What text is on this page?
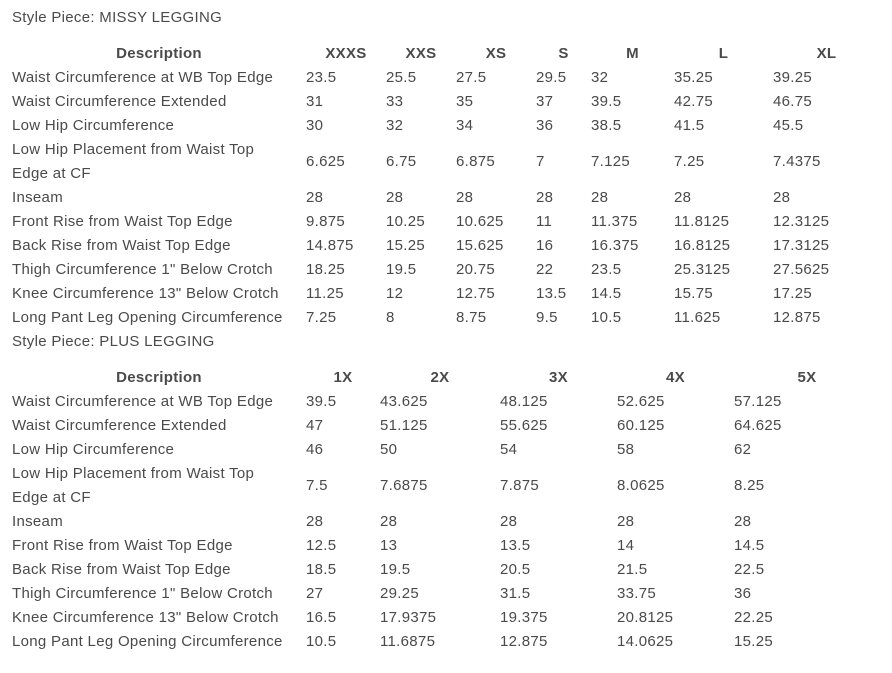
Style Piece: MISSY LEGGING
Description	XXXS	XXS	XS	S	M	L	XL
Waist Circumference at WB Top Edge	23.5	25.5	27.5	29.5	32	35.25	39.25
Waist Circumference Extended	31	33	35	37	39.5	42.75	46.75
Low Hip Circumference	30	32	34	36	38.5	41.5	45.5
Low Hip Placement from Waist Top
Edge at CF	6.625	6.75	6.875	7	7.125	7.25	7.4375
Inseam	28	28	28	28	28	28	28
Front Rise from Waist Top Edge	9.875	10.25	10.625	11	11.375	11.8125	12.3125
Back Rise from Waist Top Edge	14.875	15.25	15.625	16	16.375	16.8125	17.3125
Thigh Circumference 1" Below Crotch	18.25	19.5	20.75	22	23.5	25.3125	27.5625
Knee Circumference 13" Below Crotch	11.25	12	12.75	13.5	14.5	15.75	17.25
Long Pant Leg Opening Circumference	7.25	8	8.75	9.5	10.5	11.625	12.875
Style Piece: PLUS LEGGING
Description	1X	2X	3X	4X	5X
Waist Circumference at WB Top Edge	39.5	43.625	48.125	52.625	57.125
Waist Circumference Extended	47	51.125	55.625	60.125	64.625
Low Hip Circumference	46	50	54	58	62
Low Hip Placement from Waist Top
Edge at CF	7.5	7.6875	7.875	8.0625	8.25
Inseam	28	28	28	28	28
Front Rise from Waist Top Edge	12.5	13	13.5	14	14.5
Back Rise from Waist Top Edge	18.5	19.5	20.5	21.5	22.5
Thigh Circumference 1" Below Crotch	27	29.25	31.5	33.75	36
Knee Circumference 13" Below Crotch	16.5	17.9375	19.375	20.8125	22.25
Long Pant Leg Opening Circumference	10.5	11.6875	12.875	14.0625	15.25
